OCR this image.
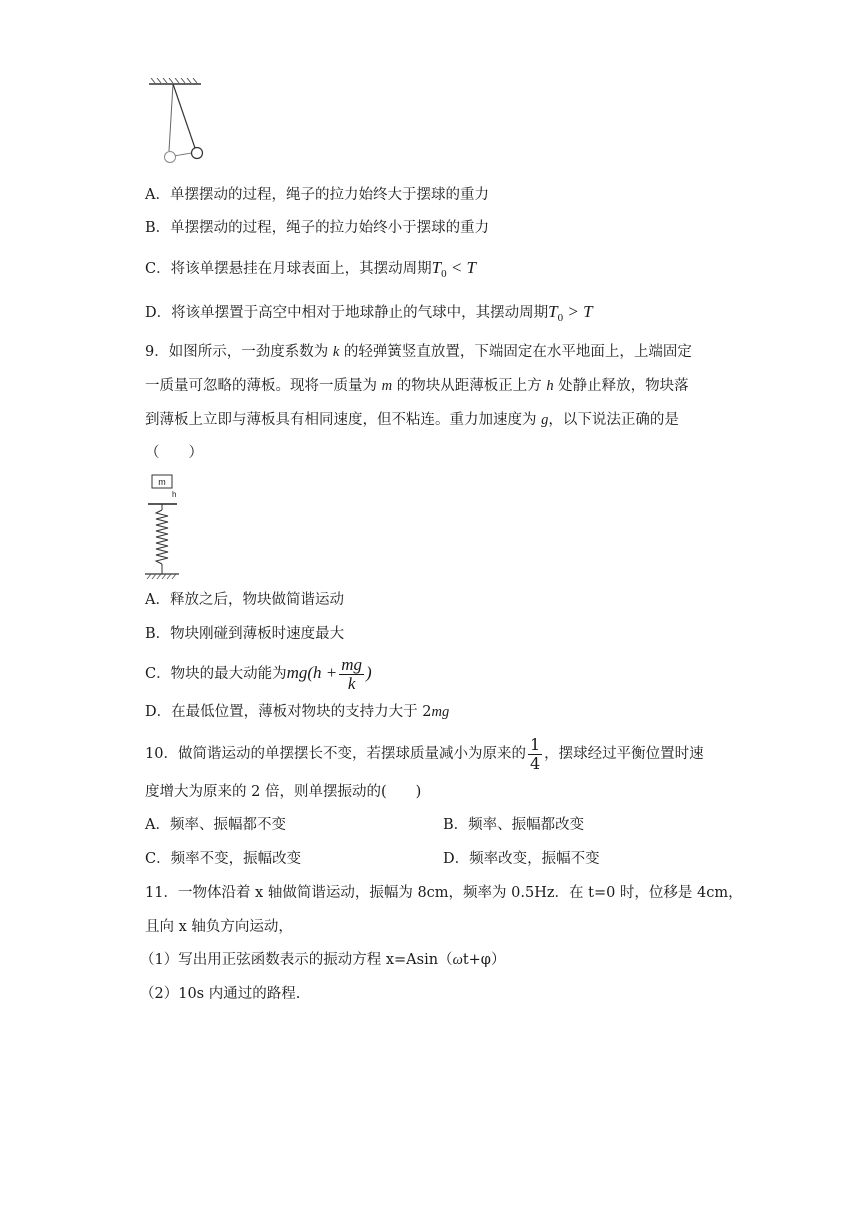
A．单摆摆动的过程，绳子的拉力始终大于摆球的重力
B．单摆摆动的过程，绳子的拉力始终小于摆球的重力
C．将该单摆悬挂在月球表面上，其摆动周期$T_0 < T$
D．将该单摆置于高空中相对于地球静止的气球中，其摆动周期$T_0 > T$
9．如图所示，一劲度系数为 k 的轻弹簧竖直放置，下端固定在水平地面上，上端固定
一质量可忽略的薄板。现将一质量为 m 的物块从距薄板正上方 h 处静止释放，物块落
到薄板上立即与薄板具有相同速度，但不粘连。重力加速度为 g，以下说法正确的是
（　　）
m
h
A．释放之后，物块做简谐运动
B．物块刚碰到薄板时速度最大
C．物块的最大动能为$mg(h + \frac{mg}{k}$ )
D．在最低位置，薄板对物块的支持力大于 2mg
10．做简谐运动的单摆摆长不变，若摆球质量减小为原来的 $\frac{1}{4}$ ，摆球经过平衡位置时速
度增大为原来的 2 倍，则单摆振动的(　　)
A．频率、振幅都不变	B．频率、振幅都改变
C．频率不变，振幅改变	D．频率改变，振幅不变
11．一物体沿着 x 轴做简谐运动，振幅为 8cm，频率为 0.5Hz．在 t=0 时，位移是 4cm，
且向 x 轴负方向运动，
（1）写出用正弦函数表示的振动方程 x=Asin（ωt+φ）
（2）10s 内通过的路程.
